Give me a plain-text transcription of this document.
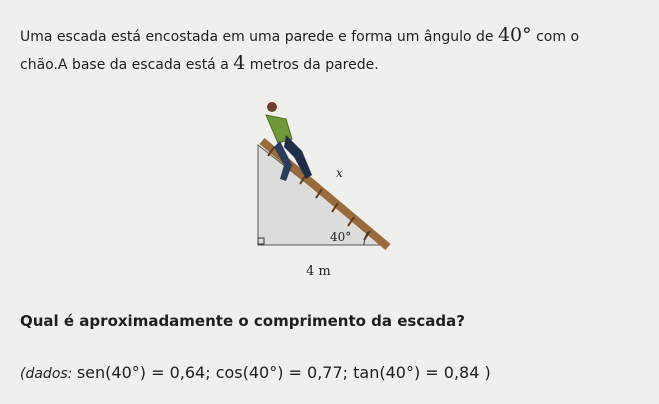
Uma escada está encostada em uma parede e forma um ângulo de 40° com o
chão.A base da escada está a 4 metros da parede.
x
40°
4 m
Qual é aproximadamente o comprimento da escada?
(dados: sen(40°) = 0,64; cos(40°) = 0,77; tan(40°) = 0,84 )
